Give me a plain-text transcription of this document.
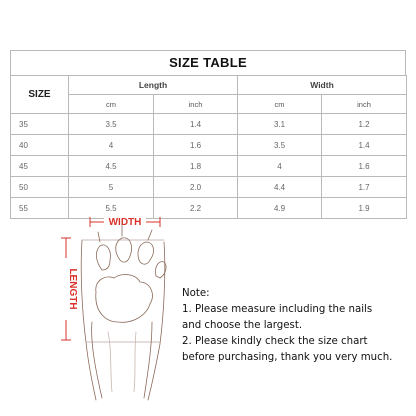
SIZE TABLE
SIZE	Length		Width	
	cm	inch	cm	inch
35	3.5	1.4	3.1	1.2
40	4	1.6	3.5	1.4
45	4.5	1.8	4	1.6
50	5	2.0	4.4	1.7
55	5.5	2.2	4.9	1.9
WIDTH
LENGTH	Note:
1. Please measure including the nails
and choose the largest.
2. Please kindly check the size chart
before purchasing, thank you very much.
